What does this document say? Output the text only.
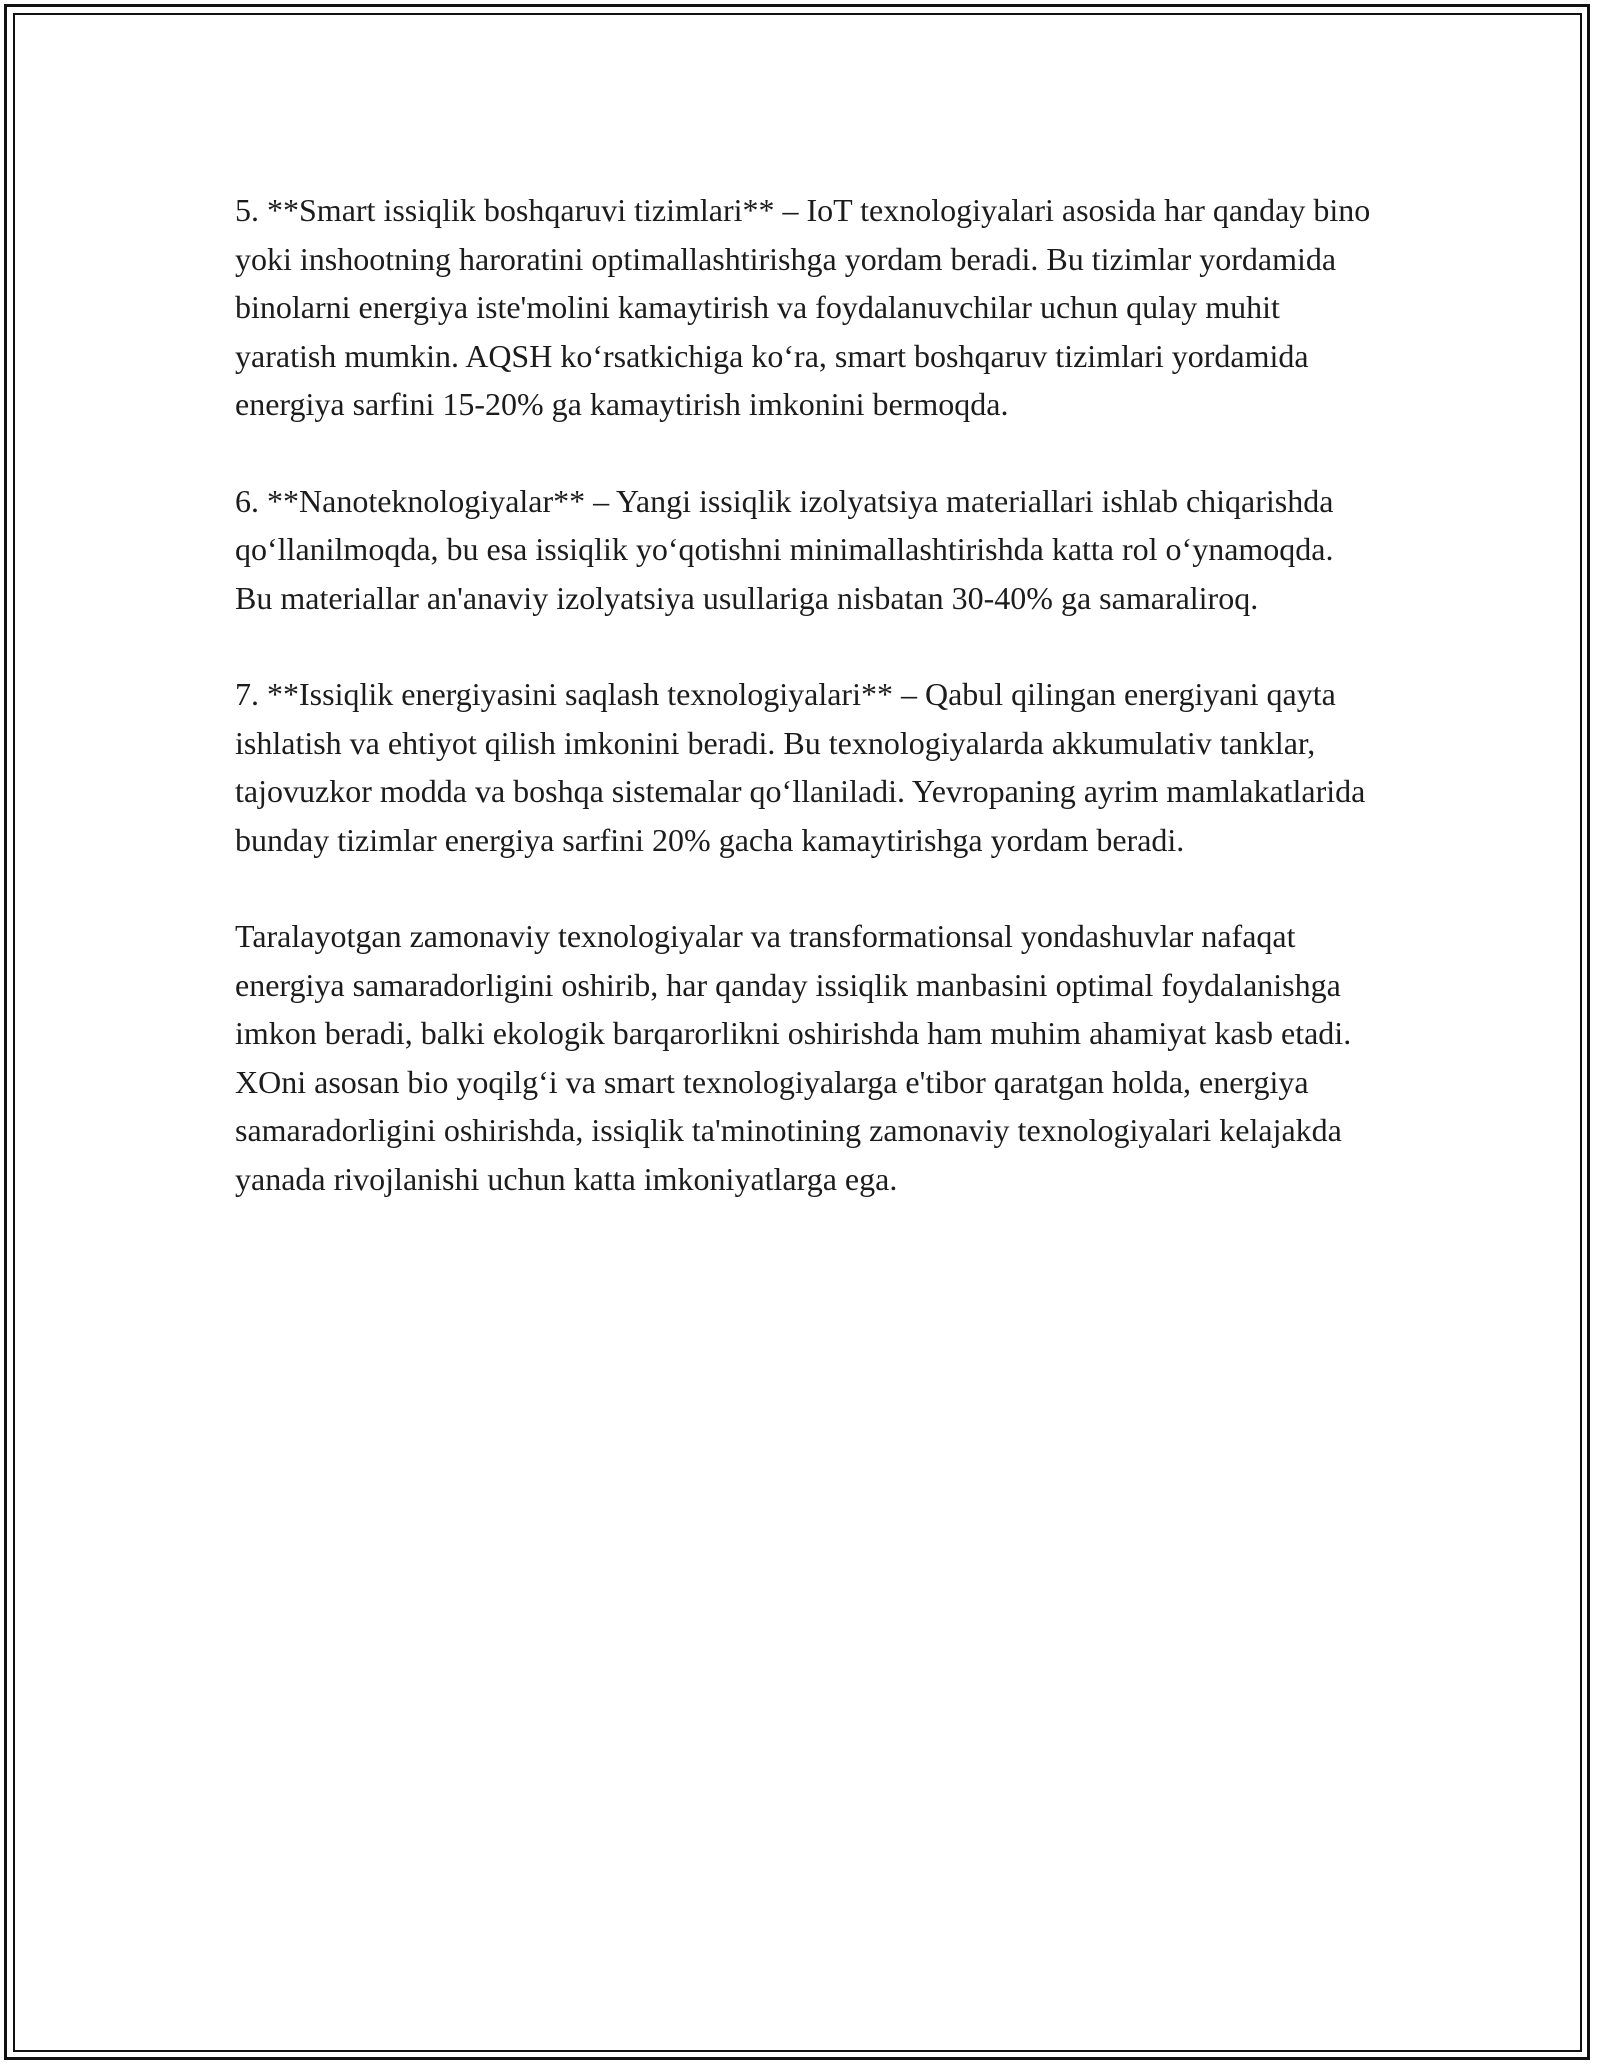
5. **Smart issiqlik boshqaruvi tizimlari** – IoT texnologiyalari asosida har qanday bino yoki inshootning haroratini optimallashtirishga yordam beradi. Bu tizimlar yordamida binolarni energiya iste'molini kamaytirish va foydalanuvchilar uchun qulay muhit yaratish mumkin. AQSH ko‘rsatkichiga ko‘ra, smart boshqaruv tizimlari yordamida energiya sarfini 15-20% ga kamaytirish imkonini bermoqda.

6. **Nanoteknologiyalar** – Yangi issiqlik izolyatsiya materiallari ishlab chiqarishda qo‘llanilmoqda, bu esa issiqlik yo‘qotishni minimallashtirishda katta rol o‘ynamoqda. Bu materiallar an'anaviy izolyatsiya usullariga nisbatan 30-40% ga samaraliroq.

7. **Issiqlik energiyasini saqlash texnologiyalari** – Qabul qilingan energiyani qayta ishlatish va ehtiyot qilish imkonini beradi. Bu texnologiyalarda akkumulativ tanklar, tajovuzkor modda va boshqa sistemalar qo‘llaniladi. Yevropaning ayrim mamlakatlarida bunday tizimlar energiya sarfini 20% gacha kamaytirishga yordam beradi.

Taralayotgan zamonaviy texnologiyalar va transformationsal yondashuvlar nafaqat energiya samaradorligini oshirib, har qanday issiqlik manbasini optimal foydalanishga imkon beradi, balki ekologik barqarorlikni oshirishda ham muhim ahamiyat kasb etadi. XOni asosan bio yoqilg‘i va smart texnologiyalarga e'tibor qaratgan holda, energiya samaradorligini oshirishda, issiqlik ta'minotining zamonaviy texnologiyalari kelajakda yanada rivojlanishi uchun katta imkoniyatlarga ega.
